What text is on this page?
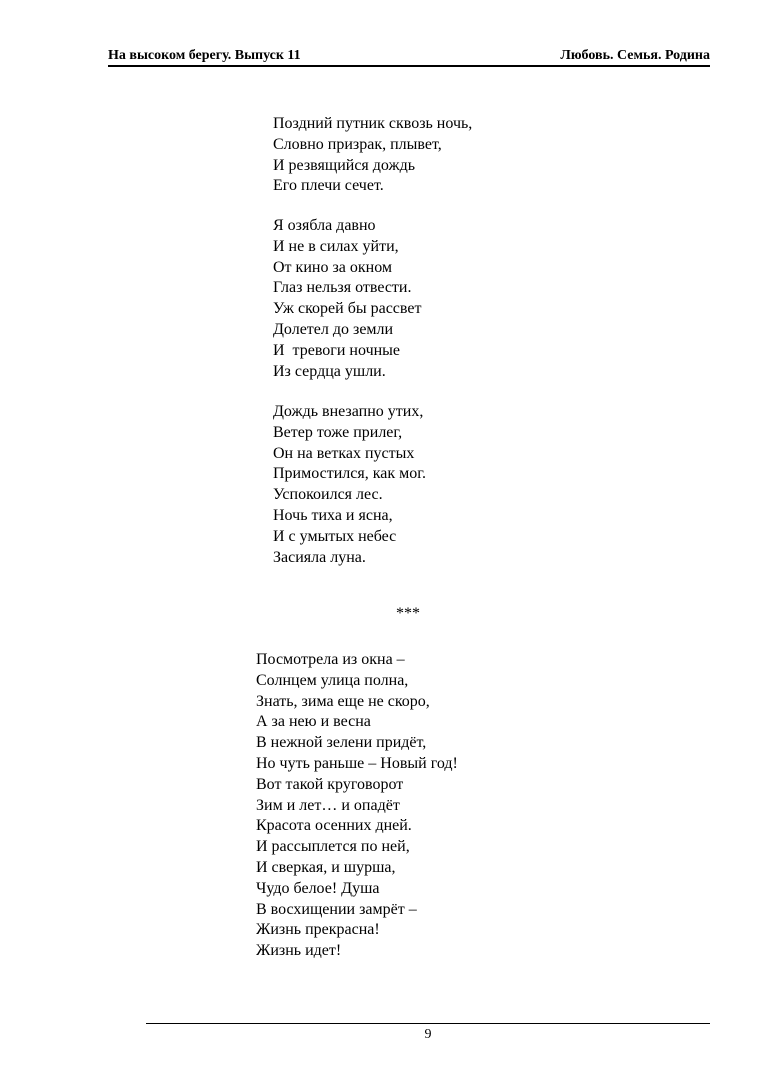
На высоком берегу. Выпуск 11	Любовь. Семья. Родина
Поздний путник сквозь ночь,
Словно призрак, плывет,
И резвящийся дождь
Его плечи сечет.
Я озябла давно
И не в силах уйти,
От кино за окном
Глаз нельзя отвести.
Уж скорей бы рассвет
Долетел до земли
И  тревоги ночные
Из сердца ушли.
Дождь внезапно утих,
Ветер тоже прилег,
Он на ветках пустых
Примостился, как мог.
Успокоился лес.
Ночь тиха и ясна,
И с умытых небес
Засияла луна.
***
Посмотрела из окна –
Солнцем улица полна,
Знать, зима еще не скоро,
А за нею и весна
В нежной зелени придёт,
Но чуть раньше – Новый год!
Вот такой круговорот
Зим и лет… и опадёт
Красота осенних дней.
И рассыплется по ней,
И сверкая, и шурша,
Чудо белое! Душа
В восхищении замрёт –
Жизнь прекрасна!
Жизнь идет!
9
